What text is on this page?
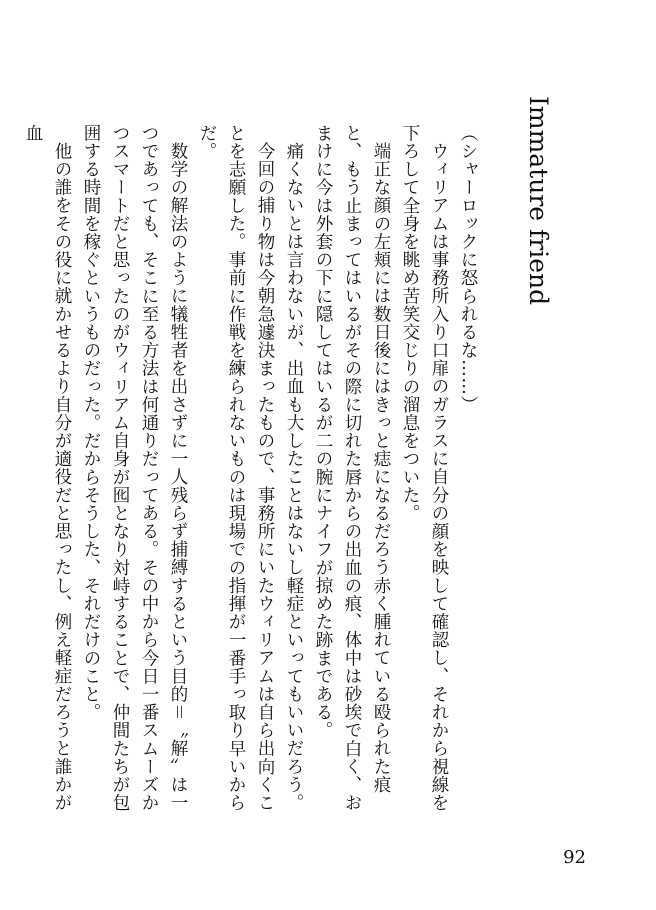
Immature friend

（シャーロックに怒られるな……）

ウィリアムは事務所入り口扉のガラスに自分の顔を映して確認し、それから視線を下ろして全身を眺め苦笑交じりの溜息をついた。

端正な顔の左頬には数日後にはきっと痣になるだろう赤く腫れている殴られた痕と、もう止まってはいるがその際に切れた唇からの出血の痕、体中は砂埃で白く、おまけに今は外套の下に隠してはいるが二の腕にナイフが掠めた跡まである。

痛くないとは言わないが、出血も大したことはないし軽症といってもいいだろう。

今回の捕り物は今朝急遽決まったもので、事務所にいたウィリアムは自ら出向くことを志願した。事前に作戦を練られないものは現場での指揮が一番手っ取り早いからだ。

数学の解法のように犠牲者を出さずに一人残らず捕縛するという目的＝〝解〟は一つであっても、そこに至る方法は何通りだってある。その中から今日一番スムーズかつスマートだと思ったのがウィリアム自身が囮となり対峙することで、仲間たちが包囲する時間を稼ぐというものだった。だからそうした、それだけのこと。

他の誰をその役に就かせるより自分が適役だと思ったし、例え軽症だろうと誰かが血

92
